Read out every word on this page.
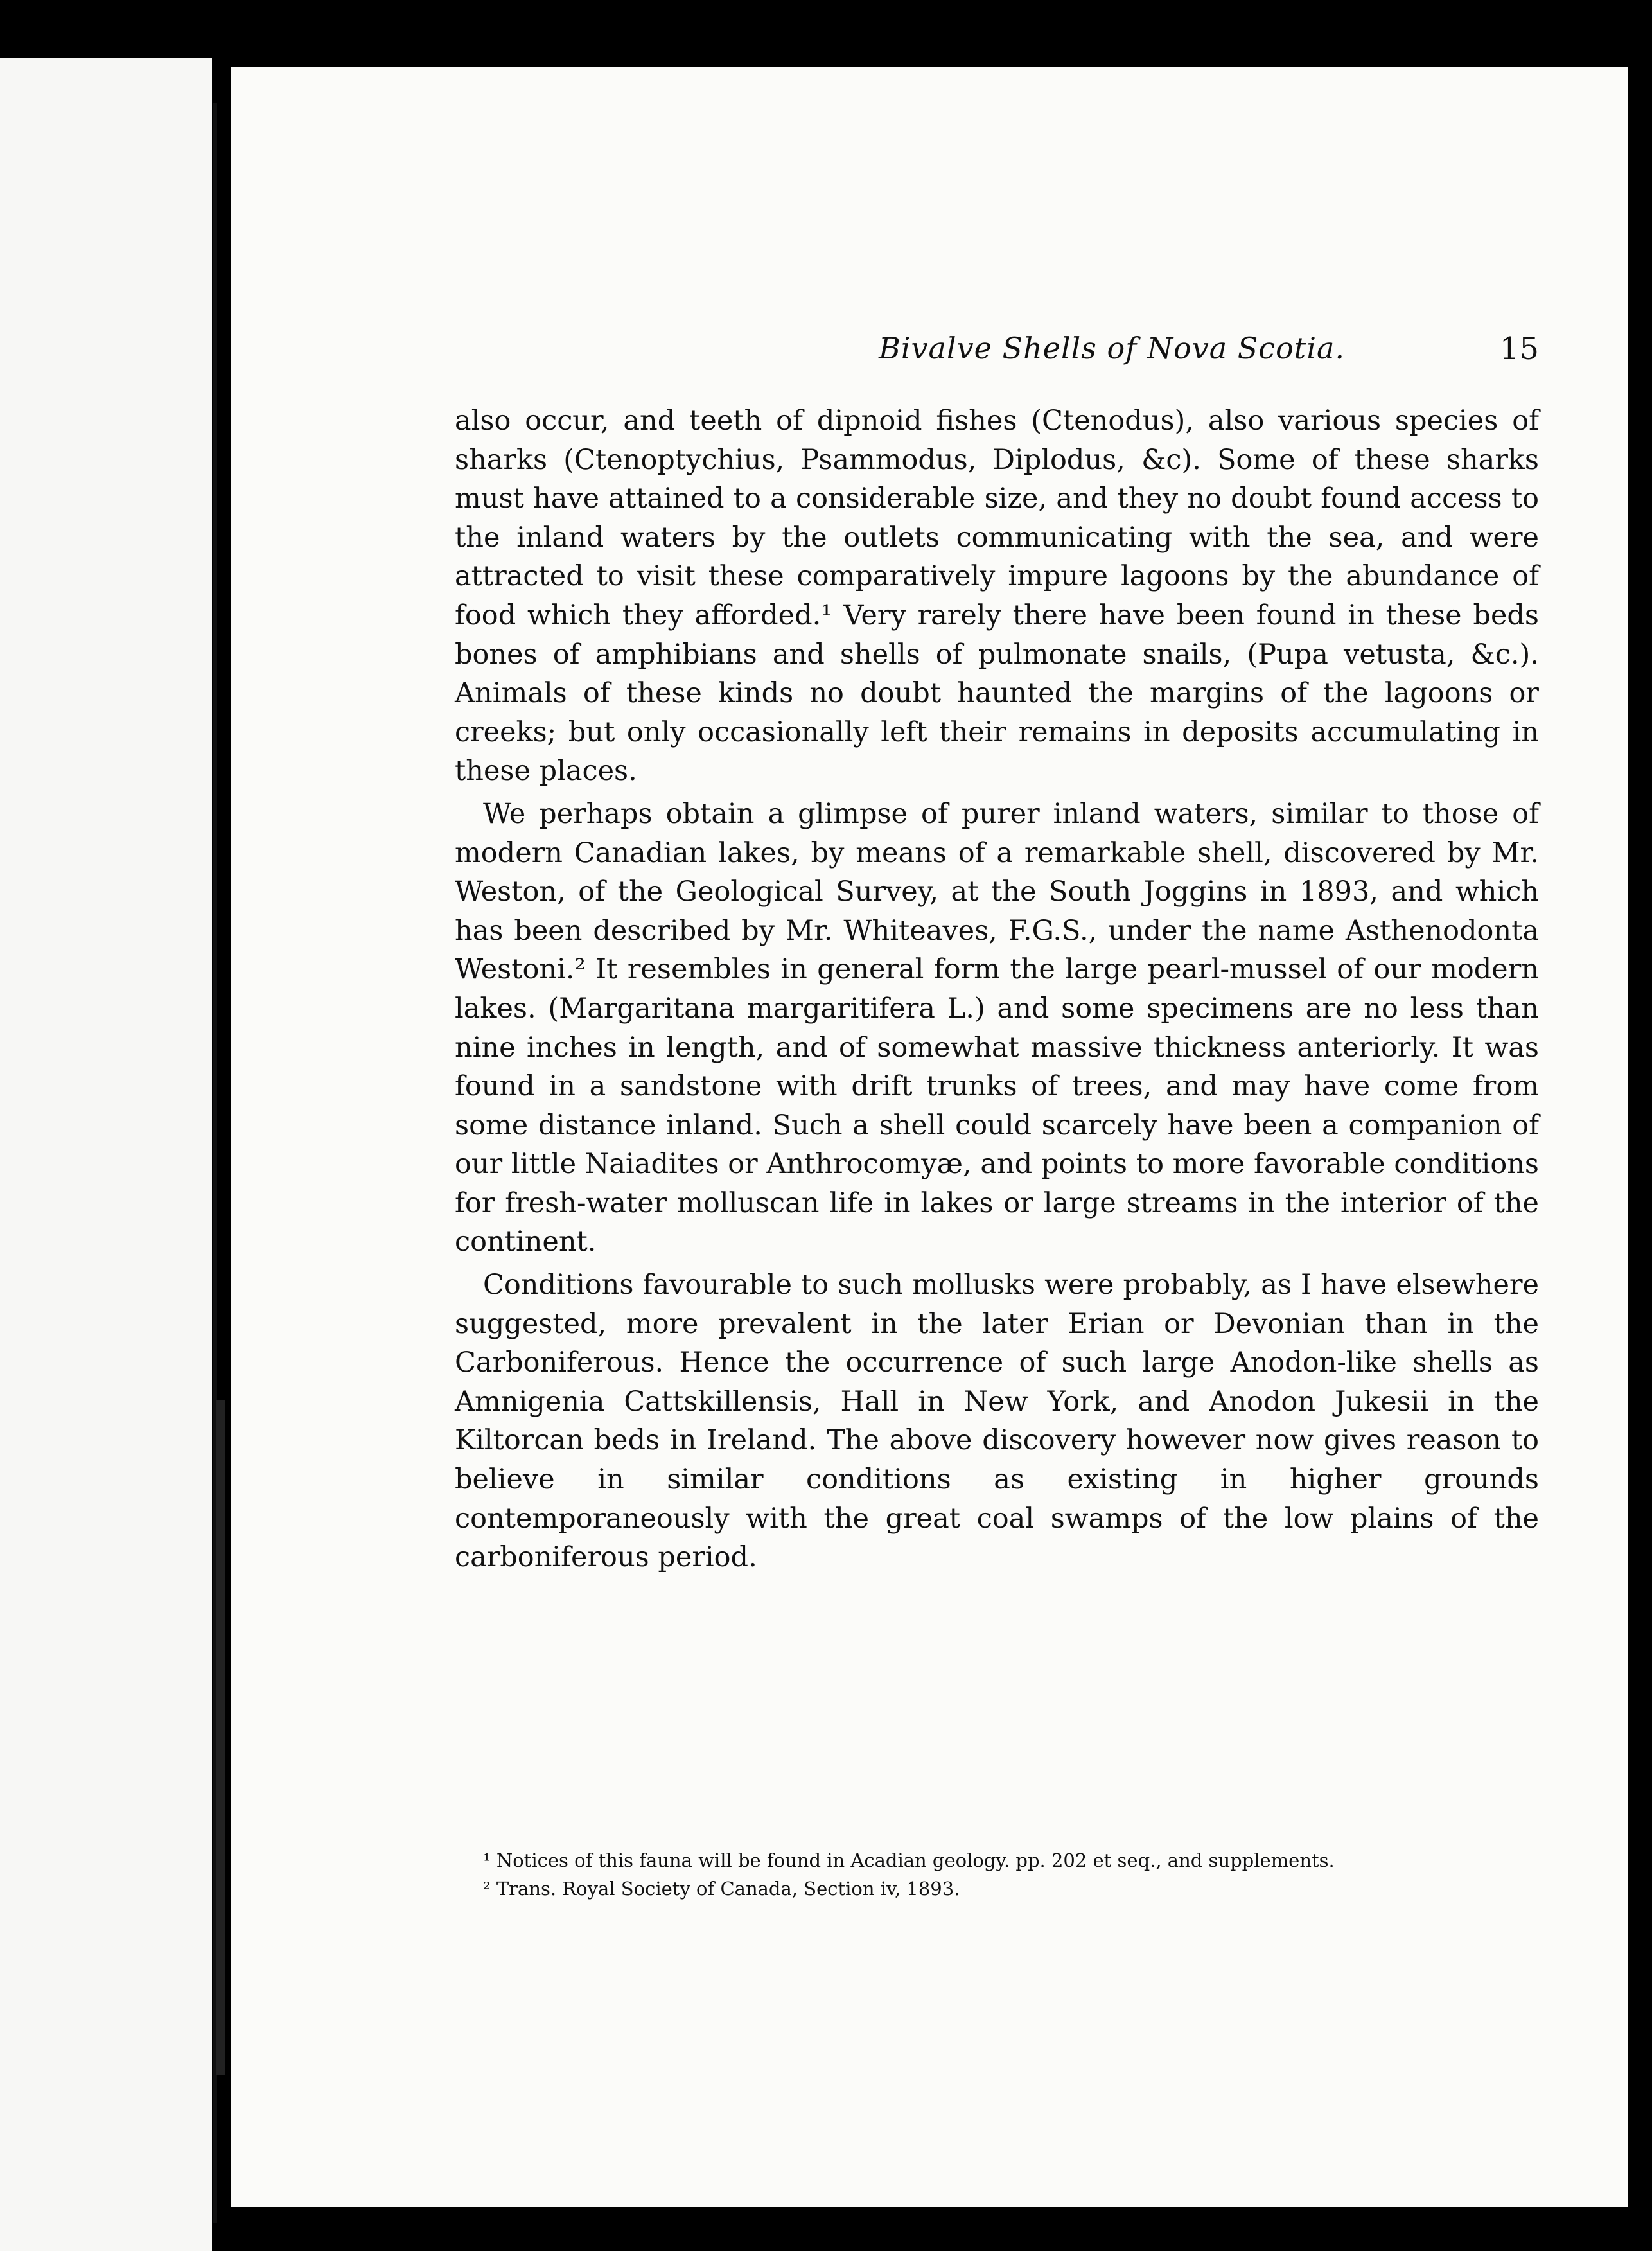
Bivalve Shells of Nova Scotia.	15

also occur, and teeth of dipnoid fishes (Ctenodus), also various species of sharks (Ctenoptychius, Psammodus, Diplodus, &c). Some of these sharks must have attained to a considerable size, and they no doubt found access to the inland waters by the outlets communicating with the sea, and were attracted to visit these comparatively impure lagoons by the abundance of food which they afforded.¹ Very rarely there have been found in these beds bones of amphibians and shells of pulmonate snails, (Pupa vetusta, &c.). Animals of these kinds no doubt haunted the margins of the lagoons or creeks; but only occasionally left their remains in deposits accumulating in these places.

We perhaps obtain a glimpse of purer inland waters, similar to those of modern Canadian lakes, by means of a remarkable shell, discovered by Mr. Weston, of the Geological Survey, at the South Joggins in 1893, and which has been described by Mr. Whiteaves, F.G.S., under the name Asthenodonta Westoni.² It resembles in general form the large pearl-mussel of our modern lakes. (Margaritana margaritifera L.) and some specimens are no less than nine inches in length, and of somewhat massive thickness anteriorly. It was found in a sandstone with drift trunks of trees, and may have come from some distance inland. Such a shell could scarcely have been a companion of our little Naiadites or Anthrocomyæ, and points to more favorable conditions for fresh-water molluscan life in lakes or large streams in the interior of the continent.

Conditions favourable to such mollusks were probably, as I have elsewhere suggested, more prevalent in the later Erian or Devonian than in the Carboniferous. Hence the occurrence of such large Anodon-like shells as Amnigenia Cattskillensis, Hall in New York, and Anodon Jukesii in the Kiltorcan beds in Ireland. The above discovery however now gives reason to believe in similar conditions as existing in higher grounds contemporaneously with the great coal swamps of the low plains of the carboniferous period.

¹ Notices of this fauna will be found in Acadian geology. pp. 202 et seq., and supplements.

² Trans. Royal Society of Canada, Section iv, 1893.
